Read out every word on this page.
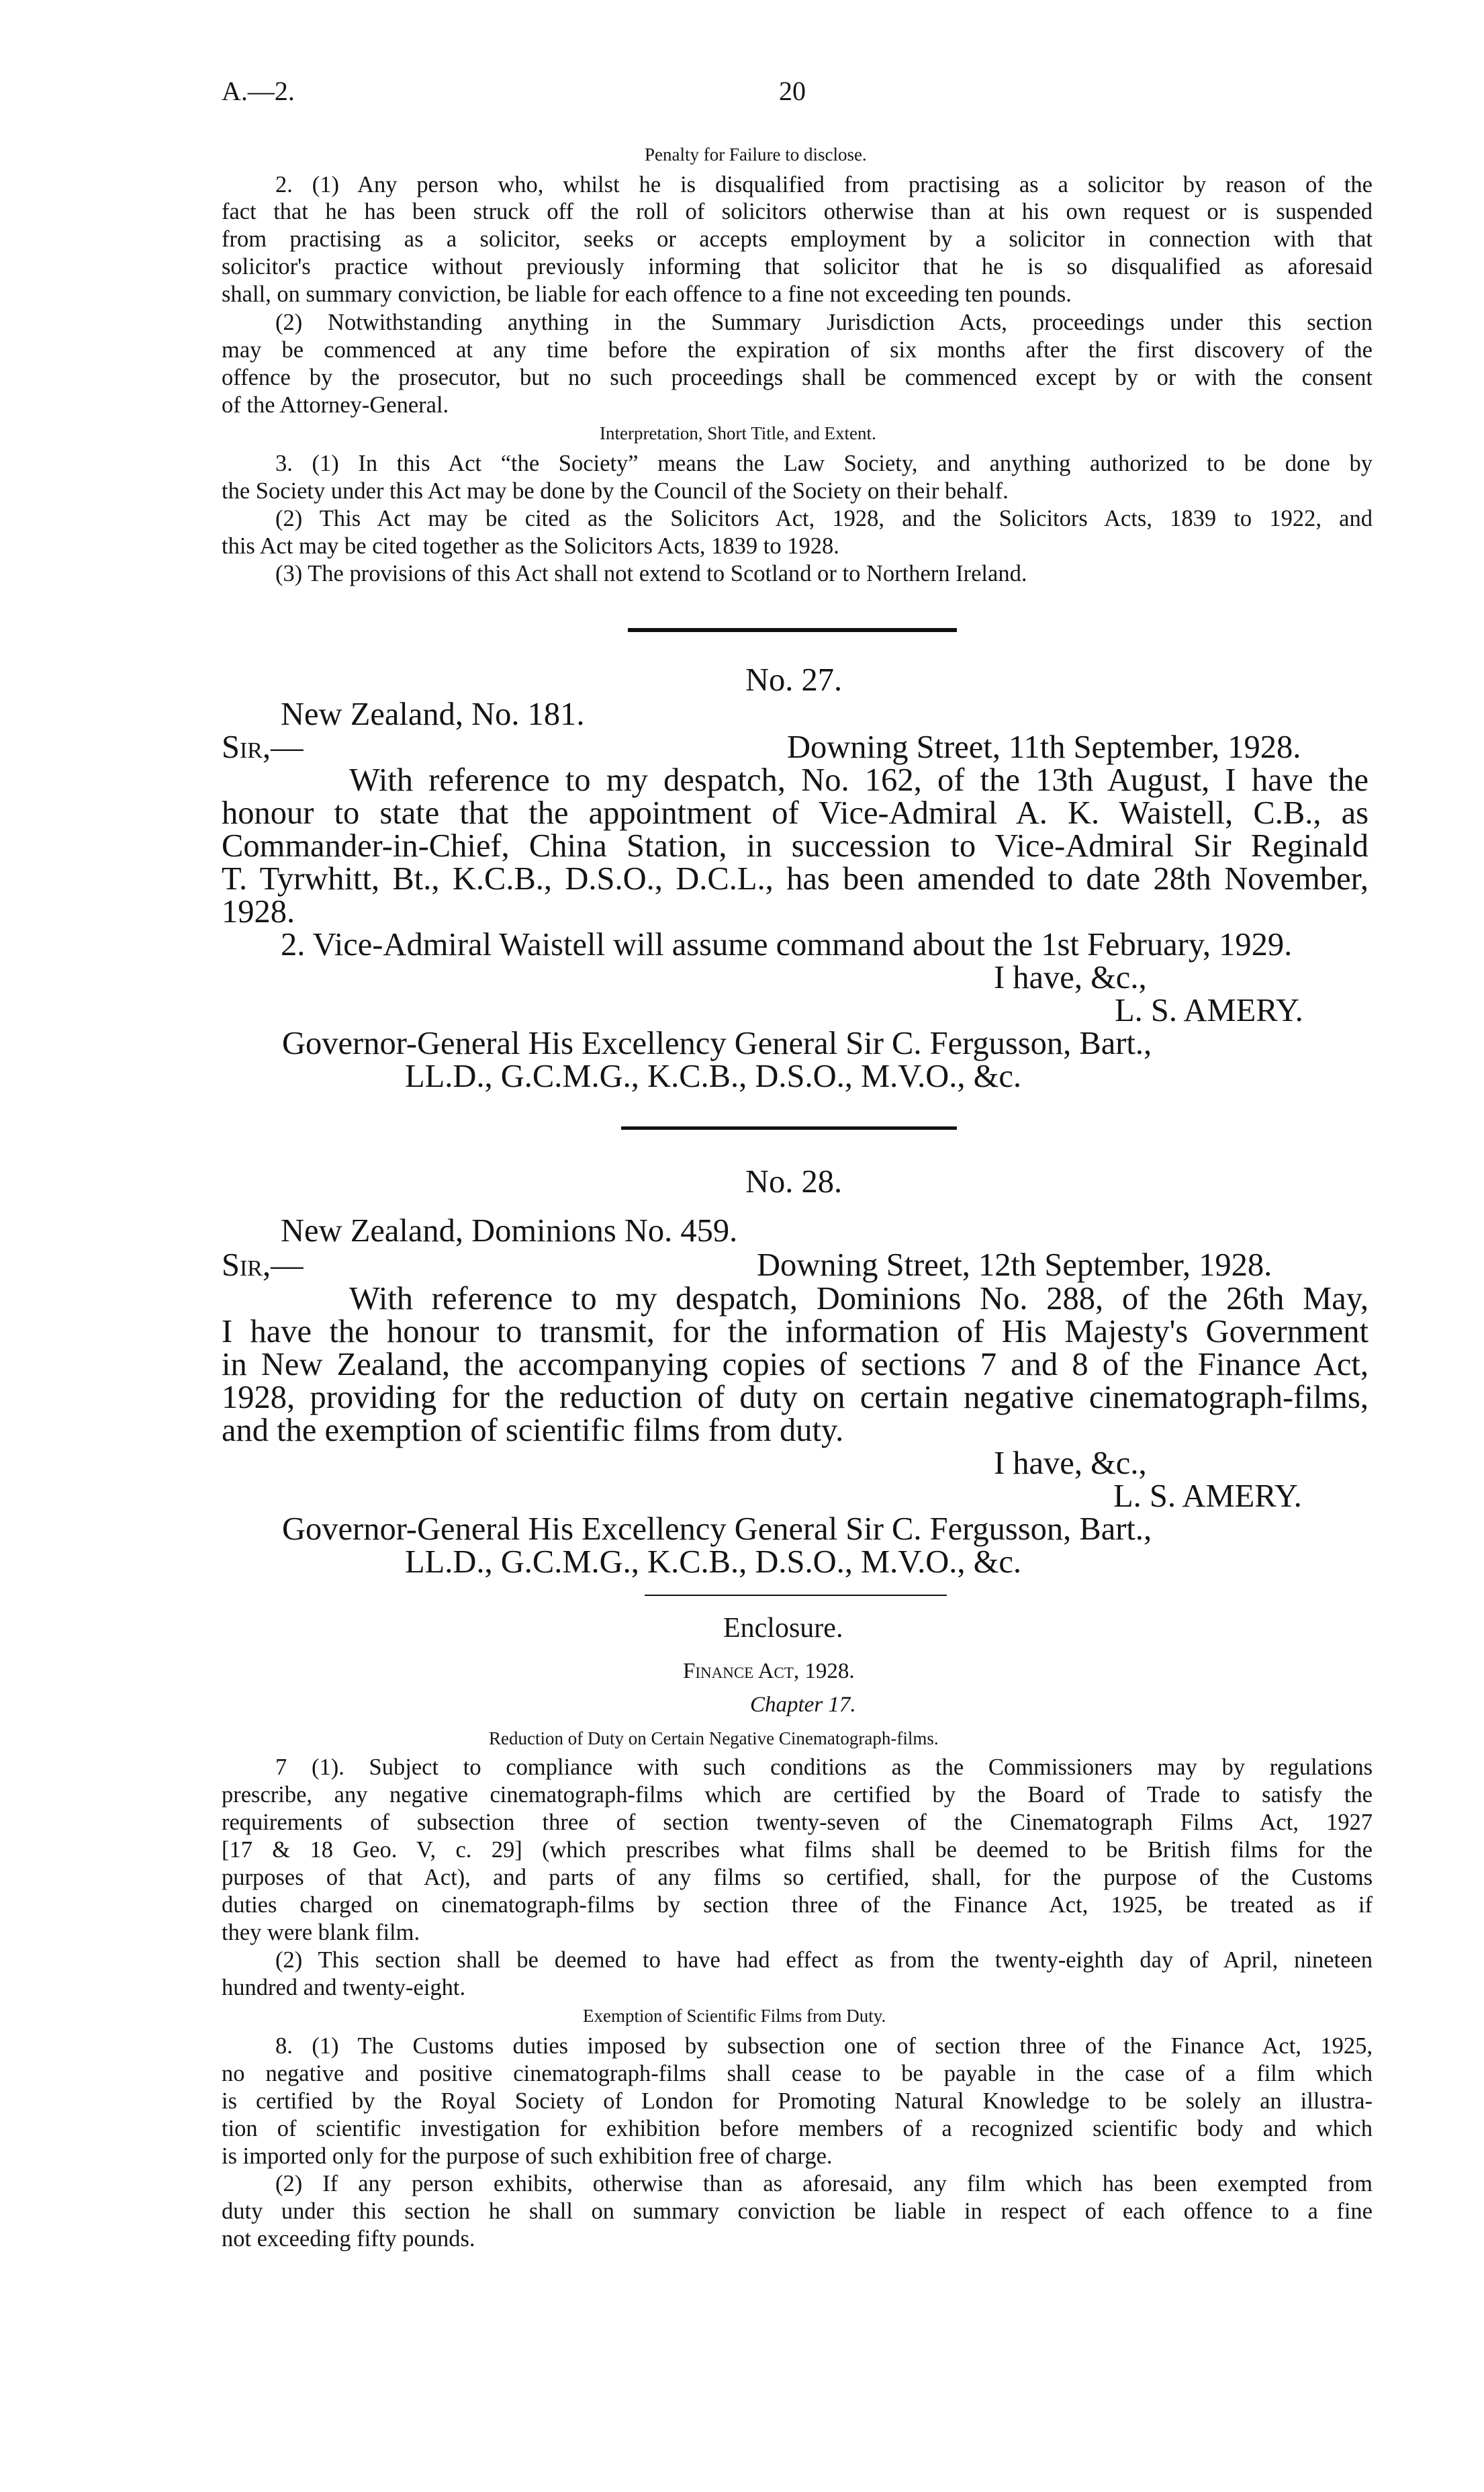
A.—2.	20
Penalty for Failure to disclose.
2. (1) Any person who, whilst he is disqualified from practising as a solicitor by reason of the
fact that he has been struck off the roll of solicitors otherwise than at his own request or is suspended
from practising as a solicitor, seeks or accepts employment by a solicitor in connection with that
solicitor's practice without previously informing that solicitor that he is so disqualified as aforesaid
shall, on summary conviction, be liable for each offence to a fine not exceeding ten pounds.
(2) Notwithstanding anything in the Summary Jurisdiction Acts, proceedings under this section
may be commenced at any time before the expiration of six months after the first discovery of the
offence by the prosecutor, but no such proceedings shall be commenced except by or with the consent
of the Attorney-General.
Interpretation, Short Title, and Extent.
3. (1) In this Act “the Society” means the Law Society, and anything authorized to be done by
the Society under this Act may be done by the Council of the Society on their behalf.
(2) This Act may be cited as the Solicitors Act, 1928, and the Solicitors Acts, 1839 to 1922, and
this Act may be cited together as the Solicitors Acts, 1839 to 1928.
(3) The provisions of this Act shall not extend to Scotland or to Northern Ireland.
No. 27.
New Zealand, No. 181.
Sir,—	Downing Street, 11th September, 1928.
With reference to my despatch, No. 162, of the 13th August, I have the
honour to state that the appointment of Vice-Admiral A. K. Waistell, C.B., as
Commander-in-Chief, China Station, in succession to Vice-Admiral Sir Reginald
T. Tyrwhitt, Bt., K.C.B., D.S.O., D.C.L., has been amended to date 28th November,
1928.
2. Vice-Admiral Waistell will assume command about the 1st February, 1929.
I have, &c.,
L. S. AMERY.
Governor-General His Excellency General Sir C. Fergusson, Bart.,
LL.D., G.C.M.G., K.C.B., D.S.O., M.V.O., &c.
No. 28.
New Zealand, Dominions No. 459.
Sir,—	Downing Street, 12th September, 1928.
With reference to my despatch, Dominions No. 288, of the 26th May,
I have the honour to transmit, for the information of His Majesty's Government
in New Zealand, the accompanying copies of sections 7 and 8 of the Finance Act,
1928, providing for the reduction of duty on certain negative cinematograph-films,
and the exemption of scientific films from duty.
I have, &c.,
L. S. AMERY.
Governor-General His Excellency General Sir C. Fergusson, Bart.,
LL.D., G.C.M.G., K.C.B., D.S.O., M.V.O., &c.
Enclosure.
Finance Act, 1928.
Chapter 17.
Reduction of Duty on Certain Negative Cinematograph-films.
7 (1). Subject to compliance with such conditions as the Commissioners may by regulations
prescribe, any negative cinematograph-films which are certified by the Board of Trade to satisfy the
requirements of subsection three of section twenty-seven of the Cinematograph Films Act, 1927
[17 & 18 Geo. V, c. 29] (which prescribes what films shall be deemed to be British films for the
purposes of that Act), and parts of any films so certified, shall, for the purpose of the Customs
duties charged on cinematograph-films by section three of the Finance Act, 1925, be treated as if
they were blank film.
(2) This section shall be deemed to have had effect as from the twenty-eighth day of April, nineteen
hundred and twenty-eight.
Exemption of Scientific Films from Duty.
8. (1) The Customs duties imposed by subsection one of section three of the Finance Act, 1925,
no negative and positive cinematograph-films shall cease to be payable in the case of a film which
is certified by the Royal Society of London for Promoting Natural Knowledge to be solely an illustra-
tion of scientific investigation for exhibition before members of a recognized scientific body and which
is imported only for the purpose of such exhibition free of charge.
(2) If any person exhibits, otherwise than as aforesaid, any film which has been exempted from
duty under this section he shall on summary conviction be liable in respect of each offence to a fine
not exceeding fifty pounds.
